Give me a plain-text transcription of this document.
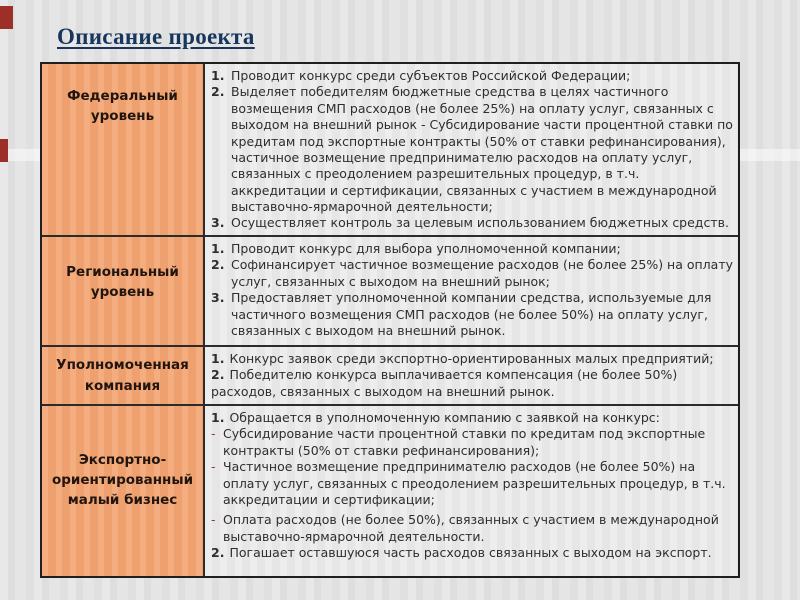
Описание проекта
Федеральный уровень
1. Проводит конкурс среди субъектов Российской Федерации;
2. Выделяет победителям бюджетные средства в целях частичного возмещения СМП расходов (не более 25%) на оплату услуг, связанных с выходом на внешний рынок - Субсидирование части процентной ставки по кредитам под экспортные контракты (50% от ставки рефинансирования), частичное возмещение предпринимателю расходов на оплату услуг, связанных с преодолением разрешительных процедур, в т.ч. аккредитации и сертификации, связанных с участием в международной выставочно-ярмарочной деятельности;
3. Осуществляет контроль за целевым использованием бюджетных средств.
Региональный уровень
1. Проводит конкурс для выбора уполномоченной компании;
2. Софинансирует частичное возмещение расходов (не более 25%) на оплату услуг, связанных с выходом на внешний рынок;
3. Предоставляет уполномоченной компании средства, используемые для частичного возмещения СМП расходов (не более 50%) на оплату услуг, связанных с выходом на внешний рынок.
Уполномоченная компания
1. Конкурс заявок среди экспортно-ориентированных малых предприятий;
2. Победителю конкурса выплачивается компенсация (не более 50%) расходов, связанных с выходом на внешний рынок.
Экспортно-ориентированный малый бизнес
1. Обращается в уполномоченную компанию с заявкой на конкурс:
- Субсидирование части процентной ставки по кредитам под экспортные контракты (50% от ставки рефинансирования);
- Частичное возмещение предпринимателю расходов (не более 50%) на оплату услуг, связанных с преодолением разрешительных процедур, в т.ч. аккредитации и сертификации;
- Оплата расходов (не более 50%), связанных с участием в международной выставочно-ярмарочной деятельности.
2. Погашает оставшуюся часть расходов связанных с выходом на экспорт.
